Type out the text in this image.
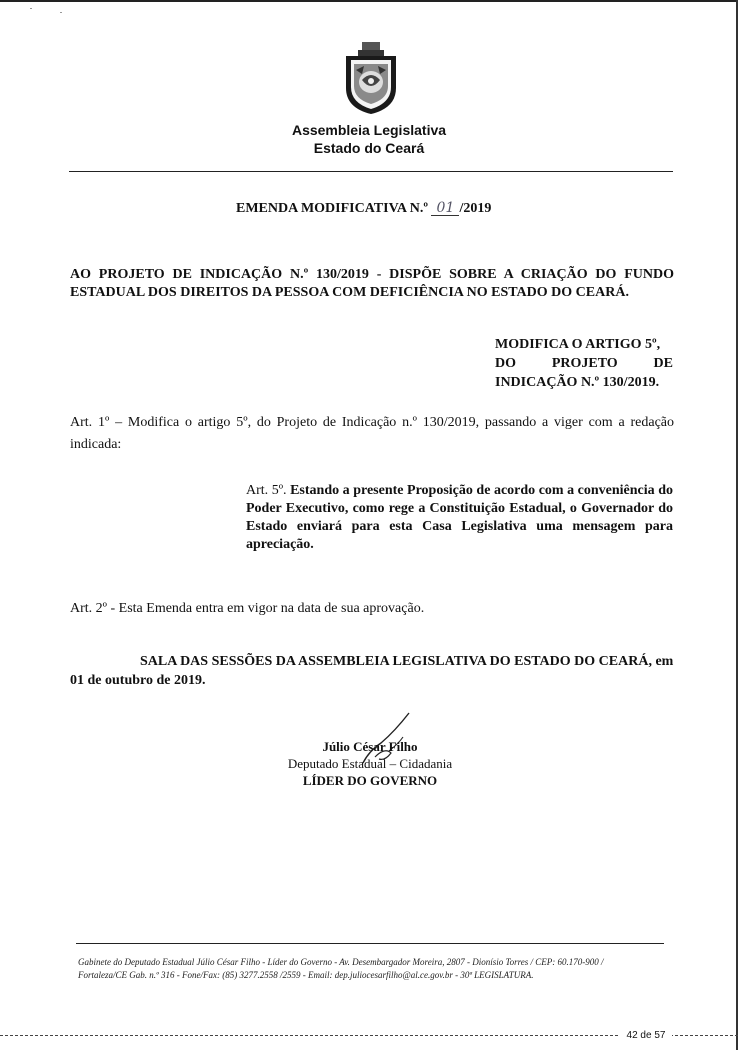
Assembleia Legislativa
Estado do Ceará
EMENDA MODIFICATIVA N.º 01 /2019
AO PROJETO DE INDICAÇÃO N.º 130/2019 - DISPÕE SOBRE A CRIAÇÃO DO FUNDO ESTADUAL DOS DIREITOS DA PESSOA COM DEFICIÊNCIA NO ESTADO DO CEARÁ.
MODIFICA O ARTIGO 5º,
DO	PROJETO	DE
INDICAÇÃO N.º 130/2019.
Art. 1º – Modifica o artigo 5º, do Projeto de Indicação n.º 130/2019, passando a viger com a redação indicada:
Art. 5º. Estando a presente Proposição de acordo com a conveniência do Poder Executivo, como rege a Constituição Estadual, o Governador do Estado enviará para esta Casa Legislativa uma mensagem para apreciação.
Art. 2º - Esta Emenda entra em vigor na data de sua aprovação.
SALA DAS SESSÕES DA ASSEMBLEIA LEGISLATIVA DO ESTADO DO CEARÁ, em 01 de outubro de 2019.
Júlio César Filho
Deputado Estadual – Cidadania
LÍDER DO GOVERNO
Gabinete do Deputado Estadual Júlio César Filho - Líder do Governo - Av. Desembargador Moreira, 2807 - Dionísio Torres / CEP: 60.170-900 /
Fortaleza/CE Gab. n.º 316 - Fone/Fax: (85) 3277.2558 /2559 - Email: dep.juliocesarfilho@al.ce.gov.br - 30ª LEGISLATURA.
42 de 57
